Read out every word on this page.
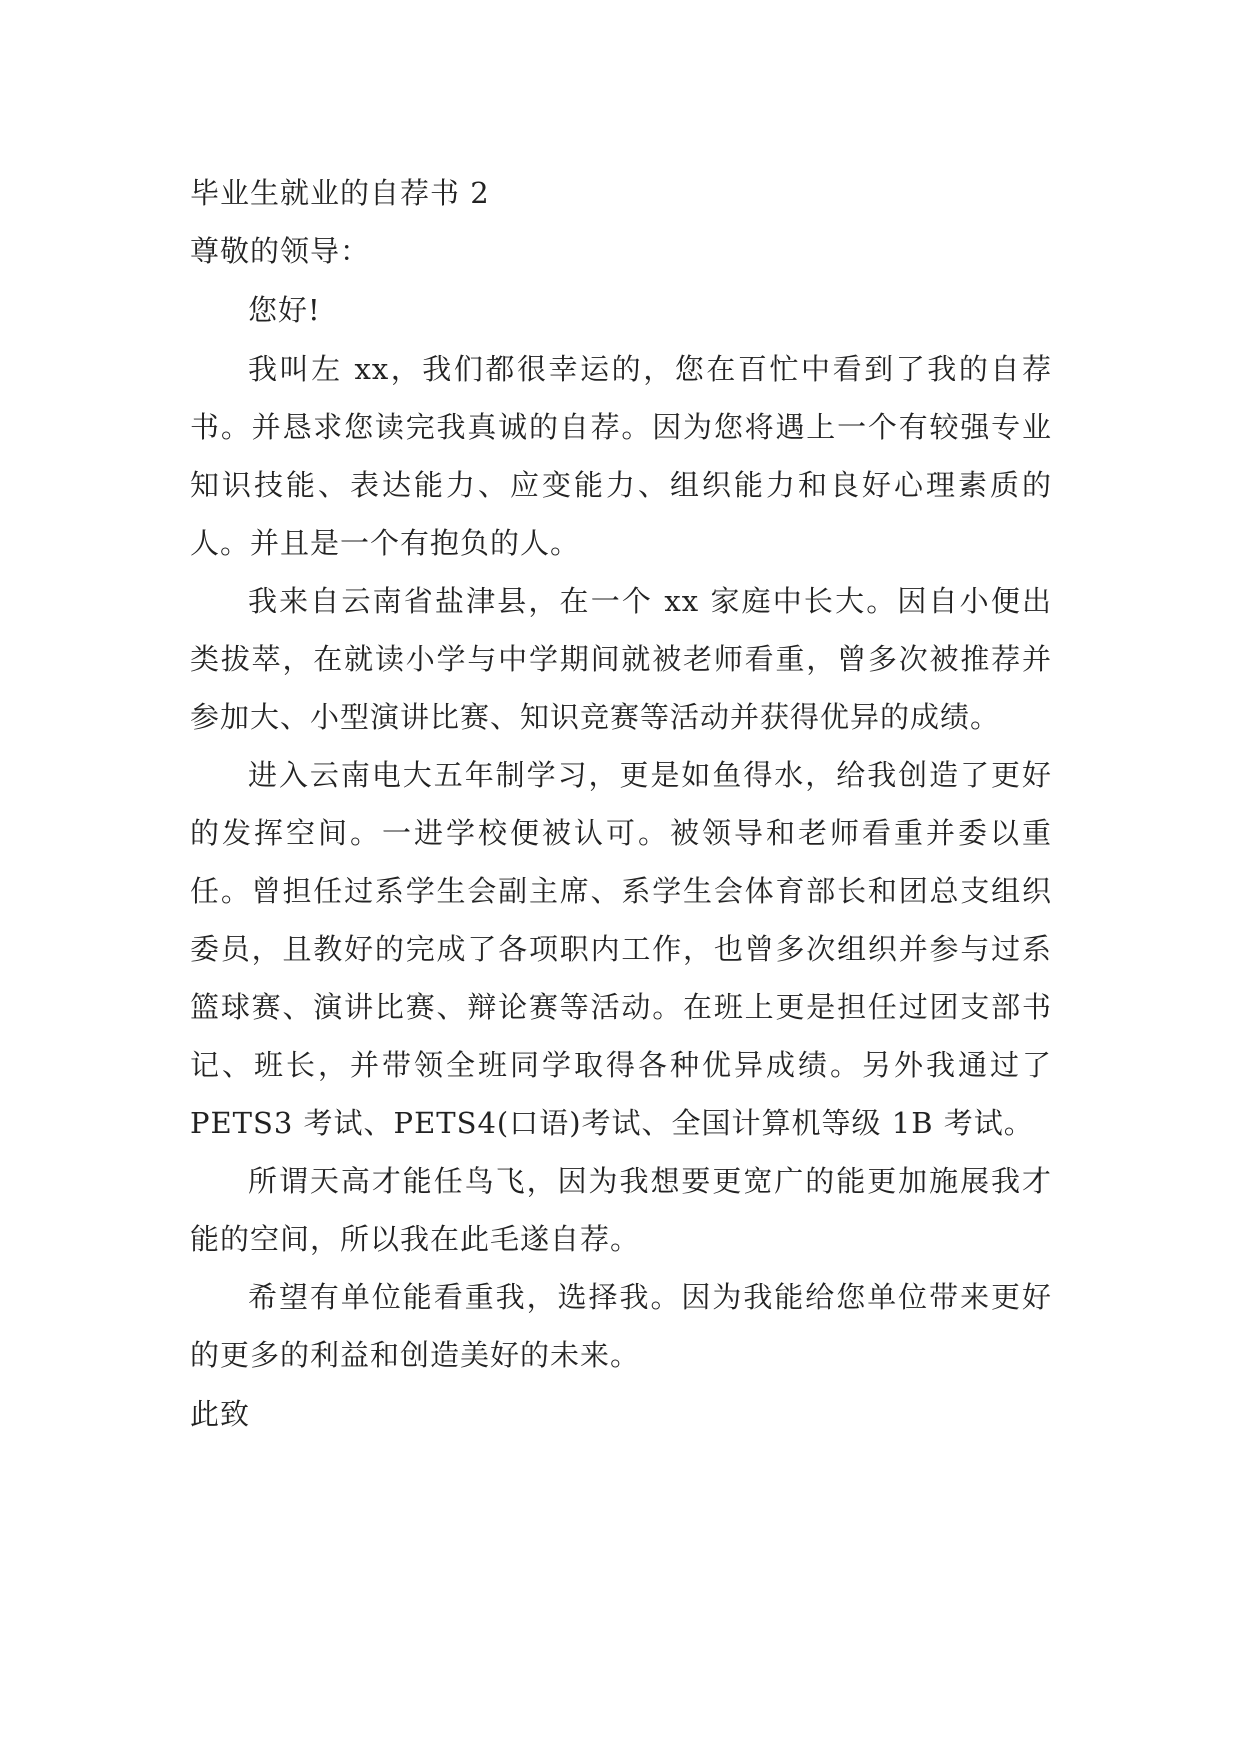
毕业生就业的自荐书 2
尊敬的领导：
您好!

我叫左 xx，我们都很幸运的，您在百忙中看到了我的自荐书。并恳求您读完我真诚的自荐。因为您将遇上一个有较强专业知识技能、表达能力、应变能力、组织能力和良好心理素质的人。并且是一个有抱负的人。

我来自云南省盐津县，在一个 xx 家庭中长大。因自小便出类拔萃，在就读小学与中学期间就被老师看重，曾多次被推荐并参加大、小型演讲比赛、知识竞赛等活动并获得优异的成绩。

进入云南电大五年制学习，更是如鱼得水，给我创造了更好的发挥空间。一进学校便被认可。被领导和老师看重并委以重任。曾担任过系学生会副主席、系学生会体育部长和团总支组织委员，且教好的完成了各项职内工作，也曾多次组织并参与过系篮球赛、演讲比赛、辩论赛等活动。在班上更是担任过团支部书记、班长，并带领全班同学取得各种优异成绩。另外我通过了 PETS3 考试、PETS4(口语)考试、全国计算机等级 1B 考试。

所谓天高才能任鸟飞，因为我想要更宽广的能更加施展我才能的空间，所以我在此毛遂自荐。

希望有单位能看重我，选择我。因为我能给您单位带来更好的更多的利益和创造美好的未来。

此致
